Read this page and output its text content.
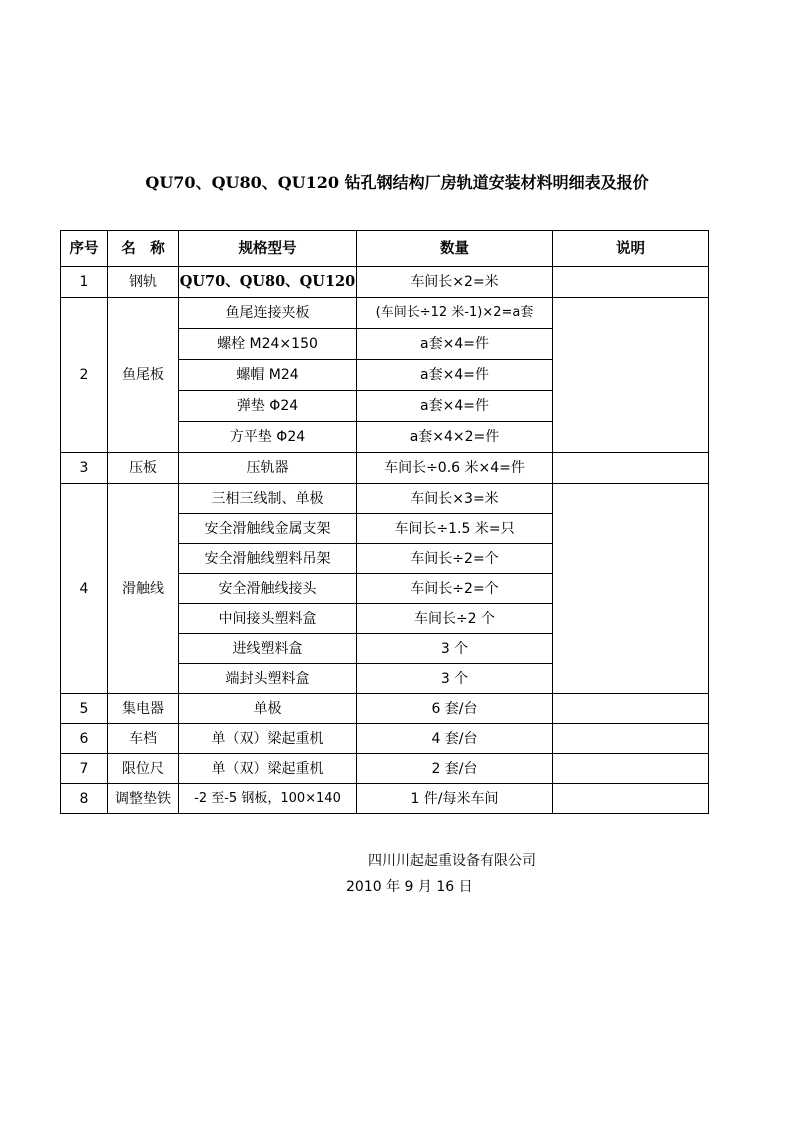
QU70、QU80、QU120 钻孔钢结构厂房轨道安装材料明细表及报价
序号	名　称	规格型号	数量	说明
1	钢轨	QU70、QU80、QU120	车间长×2=米	
2	鱼尾板	鱼尾连接夹板	(车间长÷12 米-1)×2=a套	
		螺栓 M24×150	a套×4=件	
		螺帽 M24	a套×4=件	
		弹垫 Φ24	a套×4=件	
		方平垫 Φ24	a套×4×2=件	
3	压板	压轨器	车间长÷0.6 米×4=件	
4	滑触线	三相三线制、单极	车间长×3=米	
		安全滑触线金属支架	车间长÷1.5 米=只	
		安全滑触线塑料吊架	车间长÷2=个	
		安全滑触线接头	车间长÷2=个	
		中间接头塑料盒	车间长÷2 个	
		进线塑料盒	3 个	
		端封头塑料盒	3 个	
5	集电器	单极	6 套/台	
6	车档	单（双）梁起重机	4 套/台	
7	限位尺	单（双）梁起重机	2 套/台	
8	调整垫铁	-2 至-5 钢板，100×140	1 件/每米车间	
四川川起起重设备有限公司
2010 年 9 月 16 日
